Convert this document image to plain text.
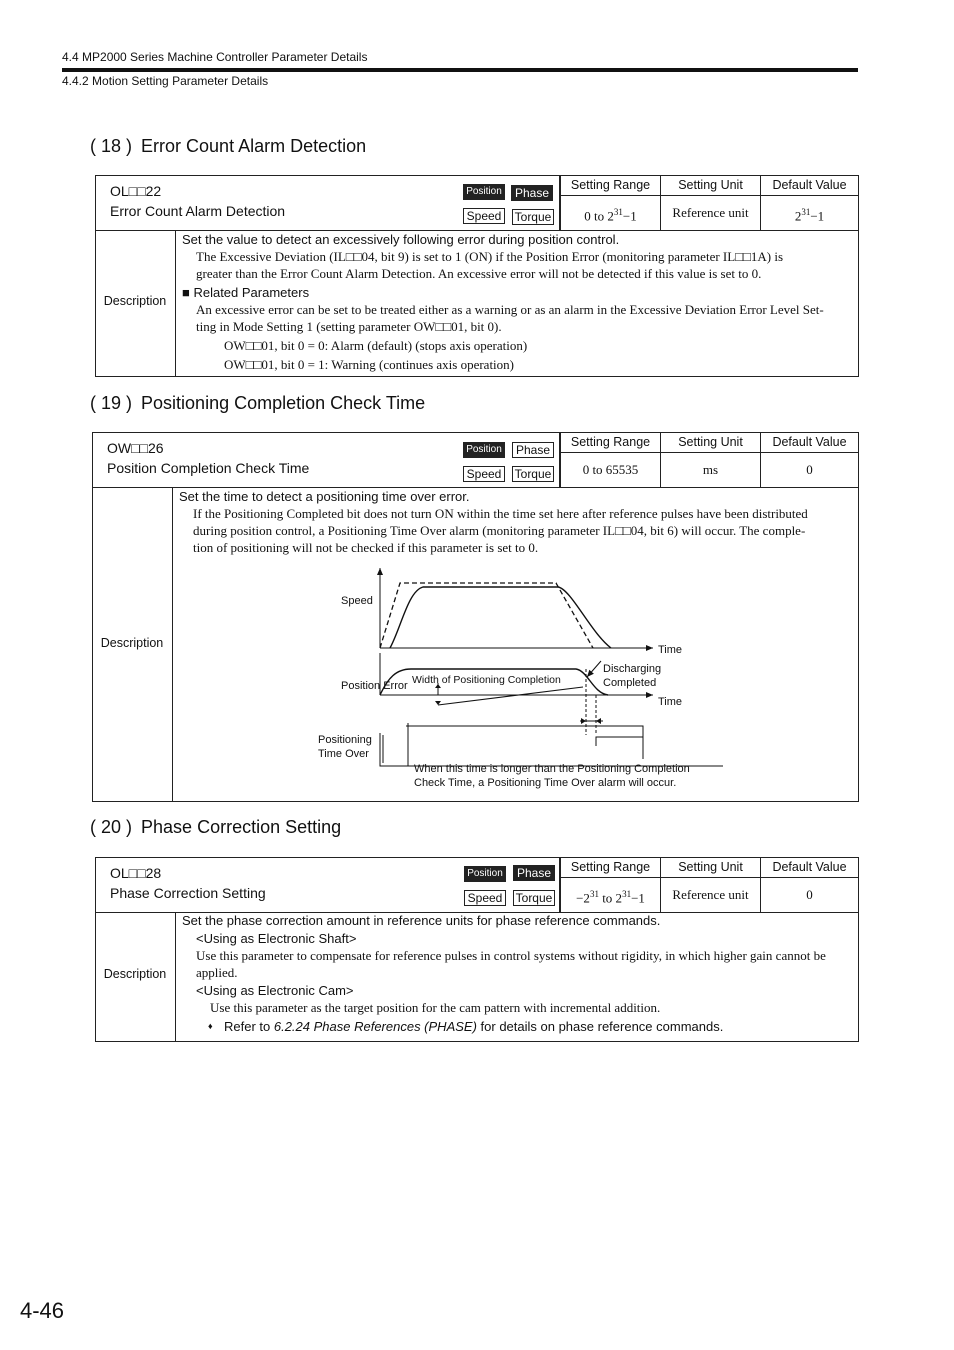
4.4 MP2000 Series Machine Controller Parameter Details
4.4.2 Motion Setting Parameter Details
( 18 ) Error Count Alarm Detection
OL□□22
Error Count Alarm Detection
Position	Phase
Speed	Torque
Setting Range	Setting Unit	Default Value
0 to $2^{31}-1$	Reference unit	$2^{31}-1$
Description
Set the value to detect an excessively following error during position control.
The Excessive Deviation (IL□□04, bit 9) is set to 1 (ON) if the Position Error (monitoring parameter IL□□1A) is
greater than the Error Count Alarm Detection. An excessive error will not be detected if this value is set to 0.
■ Related Parameters
An excessive error can be set to be treated either as a warning or as an alarm in the Excessive Deviation Error Level Set-
ting in Mode Setting 1 (setting parameter OW□□01, bit 0).
OW□□01, bit 0 = 0: Alarm (default) (stops axis operation)
OW□□01, bit 0 = 1: Warning (continues axis operation)
( 19 ) Positioning Completion Check Time
OW□□26
Position Completion Check Time
Position	Phase
Speed	Torque
Setting Range	Setting Unit	Default Value
0 to 65535	ms	0
Description
Set the time to detect a positioning time over error.
If the Positioning Completed bit does not turn ON within the time set here after reference pulses have been distributed
during position control, a Positioning Time Over alarm (monitoring parameter IL□□04, bit 6) will occur. The comple-
tion of positioning will not be checked if this parameter is set to 0.
Speed
Time
Position Error Width of Positioning Completion
Time
Discharging
Completed
Positioning
Time Over
When this time is longer than the Positioning Completion
Check Time, a Positioning Time Over alarm will occur.
( 20 ) Phase Correction Setting
OL□□28
Phase Correction Setting
Position	Phase
Speed	Torque
Setting Range	Setting Unit	Default Value
$-2^{31}$ to $2^{31}-1$	Reference unit	0
Description
Set the phase correction amount in reference units for phase reference commands.
<Using as Electronic Shaft>
Use this parameter to compensate for reference pulses in control systems without rigidity, in which higher gain cannot be
applied.
<Using as Electronic Cam>
Use this parameter as the target position for the cam pattern with incremental addition.
♦ Refer to 6.2.24 Phase References (PHASE) for details on phase reference commands.
4-46
